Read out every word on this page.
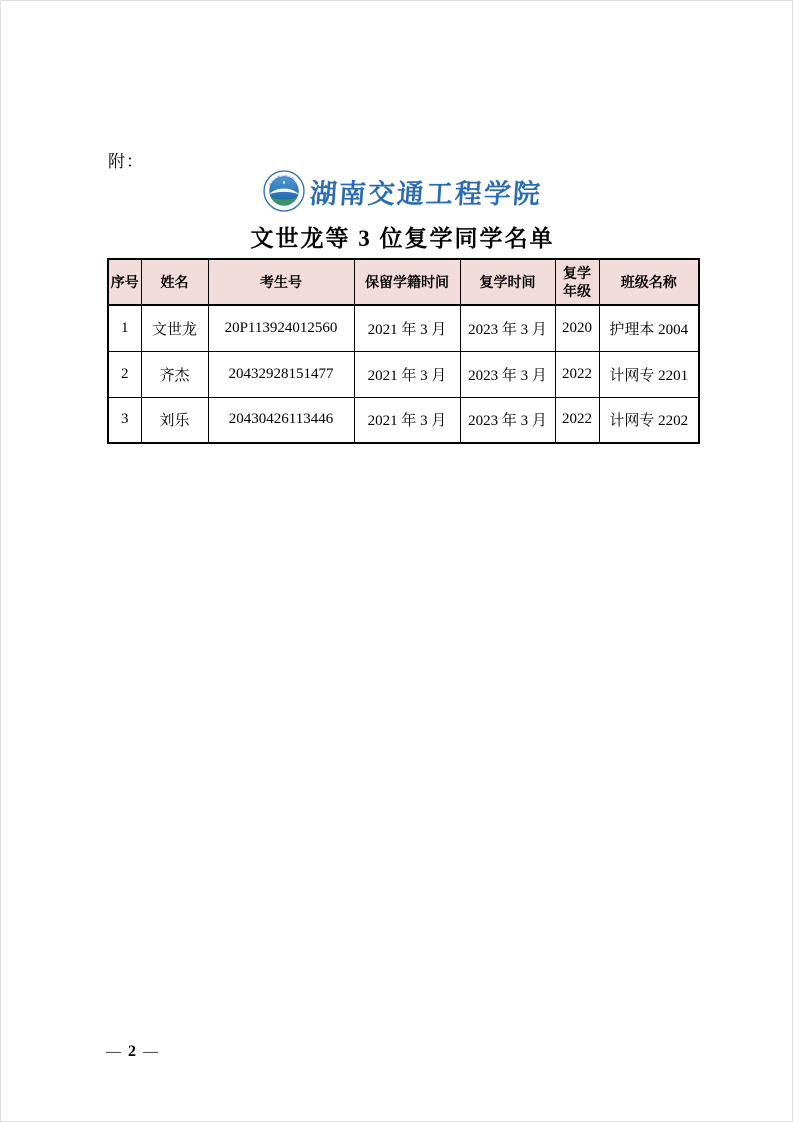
附：
湖南交通工程学院 湖南交通工程学院
文世龙等 3 位复学同学名单
序号	姓名	考生号	保留学籍时间	复学时间	复学年级	班级名称
1	文世龙	20P113924012560	2021 年 3 月	2023 年 3 月	2020	护理本 2004
2	齐杰	20432928151477	2021 年 3 月	2023 年 3 月	2022	计网专 2201
3	刘乐	20430426113446	2021 年 3 月	2023 年 3 月	2022	计网专 2202
— 2 —
